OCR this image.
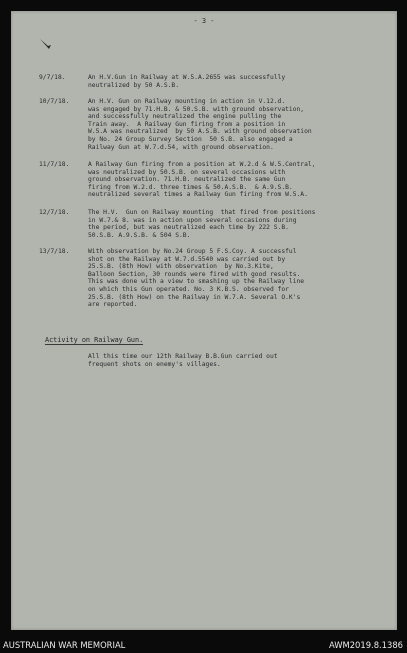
- 3 -
9/7/18.	An H.V.Gun in Railway at W.5.A.2655 was successfully
neutralized by 50 A.S.B.
10/7/18.	An H.V. Gun on Railway mounting in action in V.12.d.
was engaged by 71.H.B. & 50.S.B. with ground observation,
and successfully neutralized the engine pulling the
Train away.  A Railway Gun firing from a position in
W.5.A was neutralized  by 50 A.S.B. with ground observation
by No. 24 Group Survey Section  50 S.B. also engaged a
Railway Gun at W.7.d.54, with ground observation.
11/7/18.	A Railway Gun firing from a position at W.2.d & W.5.Central,
was neutralized by 50.S.B. on several occasions with
ground observation. 71.H.B. neutralized the same Gun
firing from W.2.d. three times & 50.A.S.B.  & A.9.S.B.
neutralized several times a Railway Gun firing from W.5.A.
12/7/18.	The H.V.  Gun on Railway mounting  that fired from positions
in W.7.& 8. was in action upon several occasions during
the period, but was neutralized each time by 222 S.B.
50.S.B. A.9.S.B. & 504 S.B.
13/7/18.	With observation by No.24 Group 5 F.S.Coy. A successful
shot on the Railway at W.7.d.5540 was carried out by
25.S.B. (8th How) with observation  by No.3.Kite,
Balloon Section, 30 rounds were fired with good results.
This was done with a view to smashing up the Railway line
on which this Gun operated. No. 3 K.B.S. observed for
25.S.B. (8th How) on the Railway in W.7.A. Several O.K's
are reported.
Activity on Railway Gun.
All this time our 12th Railway B.B.Gun carried out
frequent shots on enemy's villages.
AUSTRALIAN WAR MEMORIAL	AWM2019.8.1386
